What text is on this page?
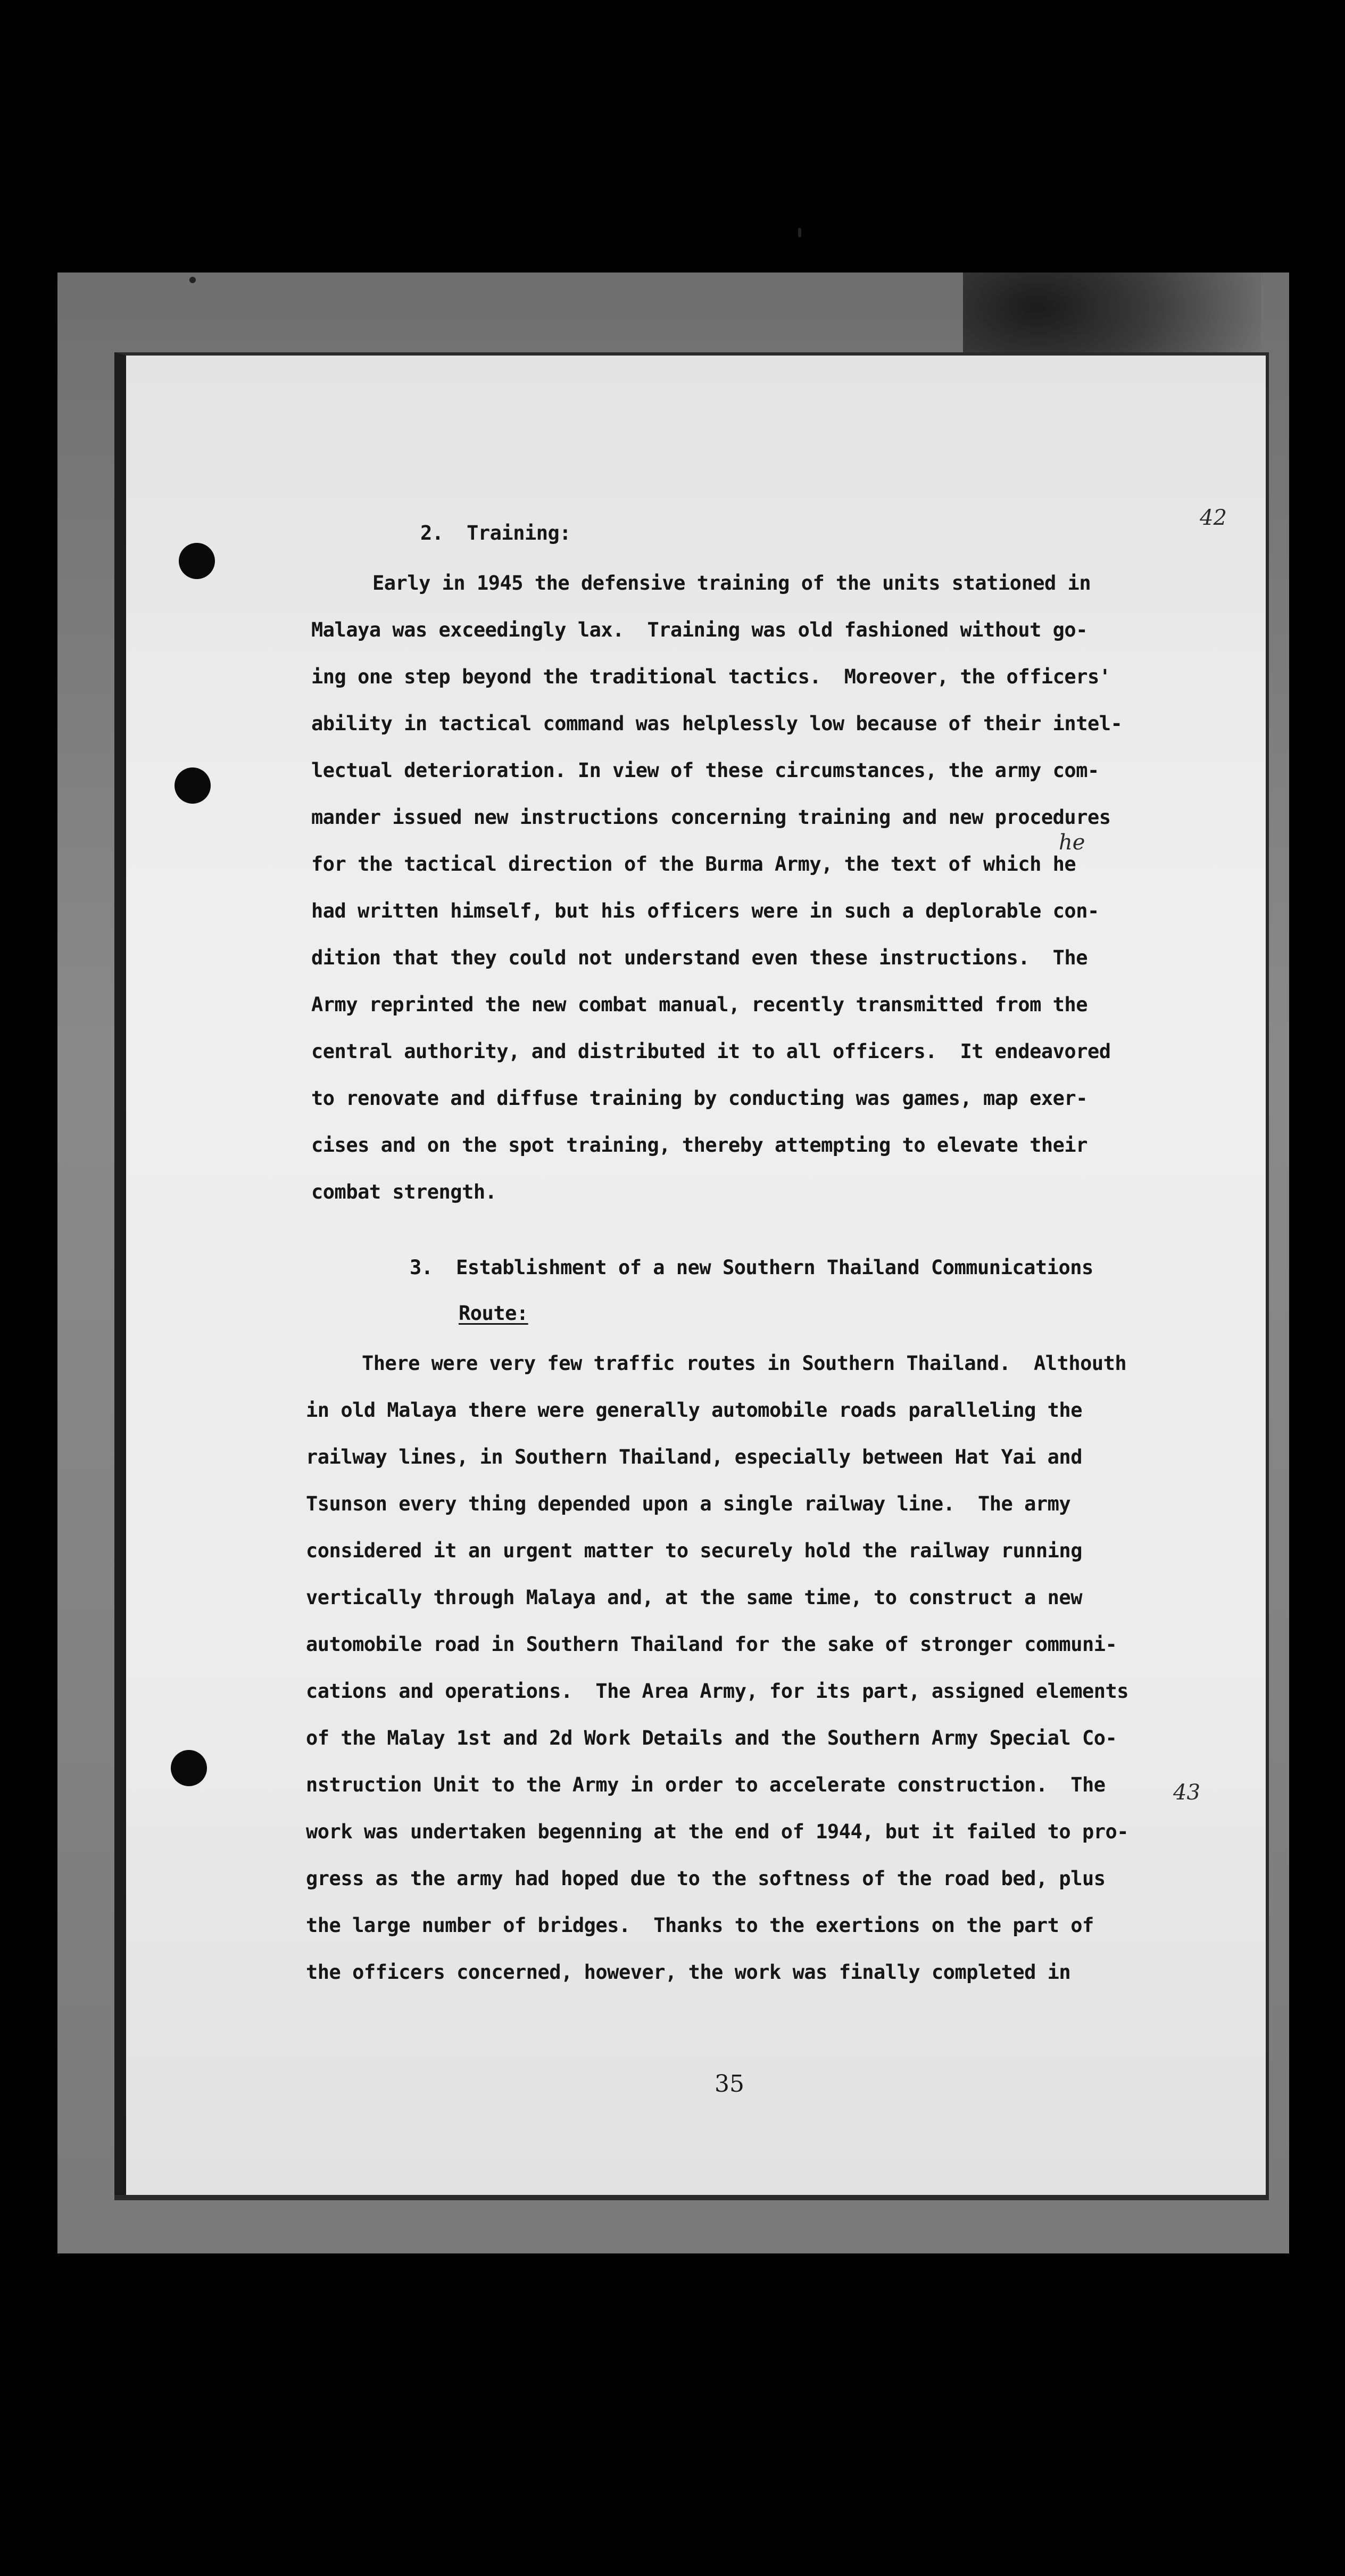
42
43
he
2.  Training:
Early in 1945 the defensive training of the units stationed in
Malaya was exceedingly lax.  Training was old fashioned without go-
ing one step beyond the traditional tactics.  Moreover, the officers'
ability in tactical command was helplessly low because of their intel-
lectual deterioration. In view of these circumstances, the army com-
mander issued new instructions concerning training and new procedures
for the tactical direction of the Burma Army, the text of which he
had written himself, but his officers were in such a deplorable con-
dition that they could not understand even these instructions.  The
Army reprinted the new combat manual, recently transmitted from the
central authority, and distributed it to all officers.  It endeavored
to renovate and diffuse training by conducting was games, map exer-
cises and on the spot training, thereby attempting to elevate their
combat strength.
3.  Establishment of a new Southern Thailand Communications
Route:
There were very few traffic routes in Southern Thailand.  Althouth
in old Malaya there were generally automobile roads paralleling the
railway lines, in Southern Thailand, especially between Hat Yai and
Tsunson every thing depended upon a single railway line.  The army
considered it an urgent matter to securely hold the railway running
vertically through Malaya and, at the same time, to construct a new
automobile road in Southern Thailand for the sake of stronger communi-
cations and operations.  The Area Army, for its part, assigned elements
of the Malay 1st and 2d Work Details and the Southern Army Special Co-
nstruction Unit to the Army in order to accelerate construction.  The
work was undertaken begenning at the end of 1944, but it failed to pro-
gress as the army had hoped due to the softness of the road bed, plus
the large number of bridges.  Thanks to the exertions on the part of
the officers concerned, however, the work was finally completed in
35
